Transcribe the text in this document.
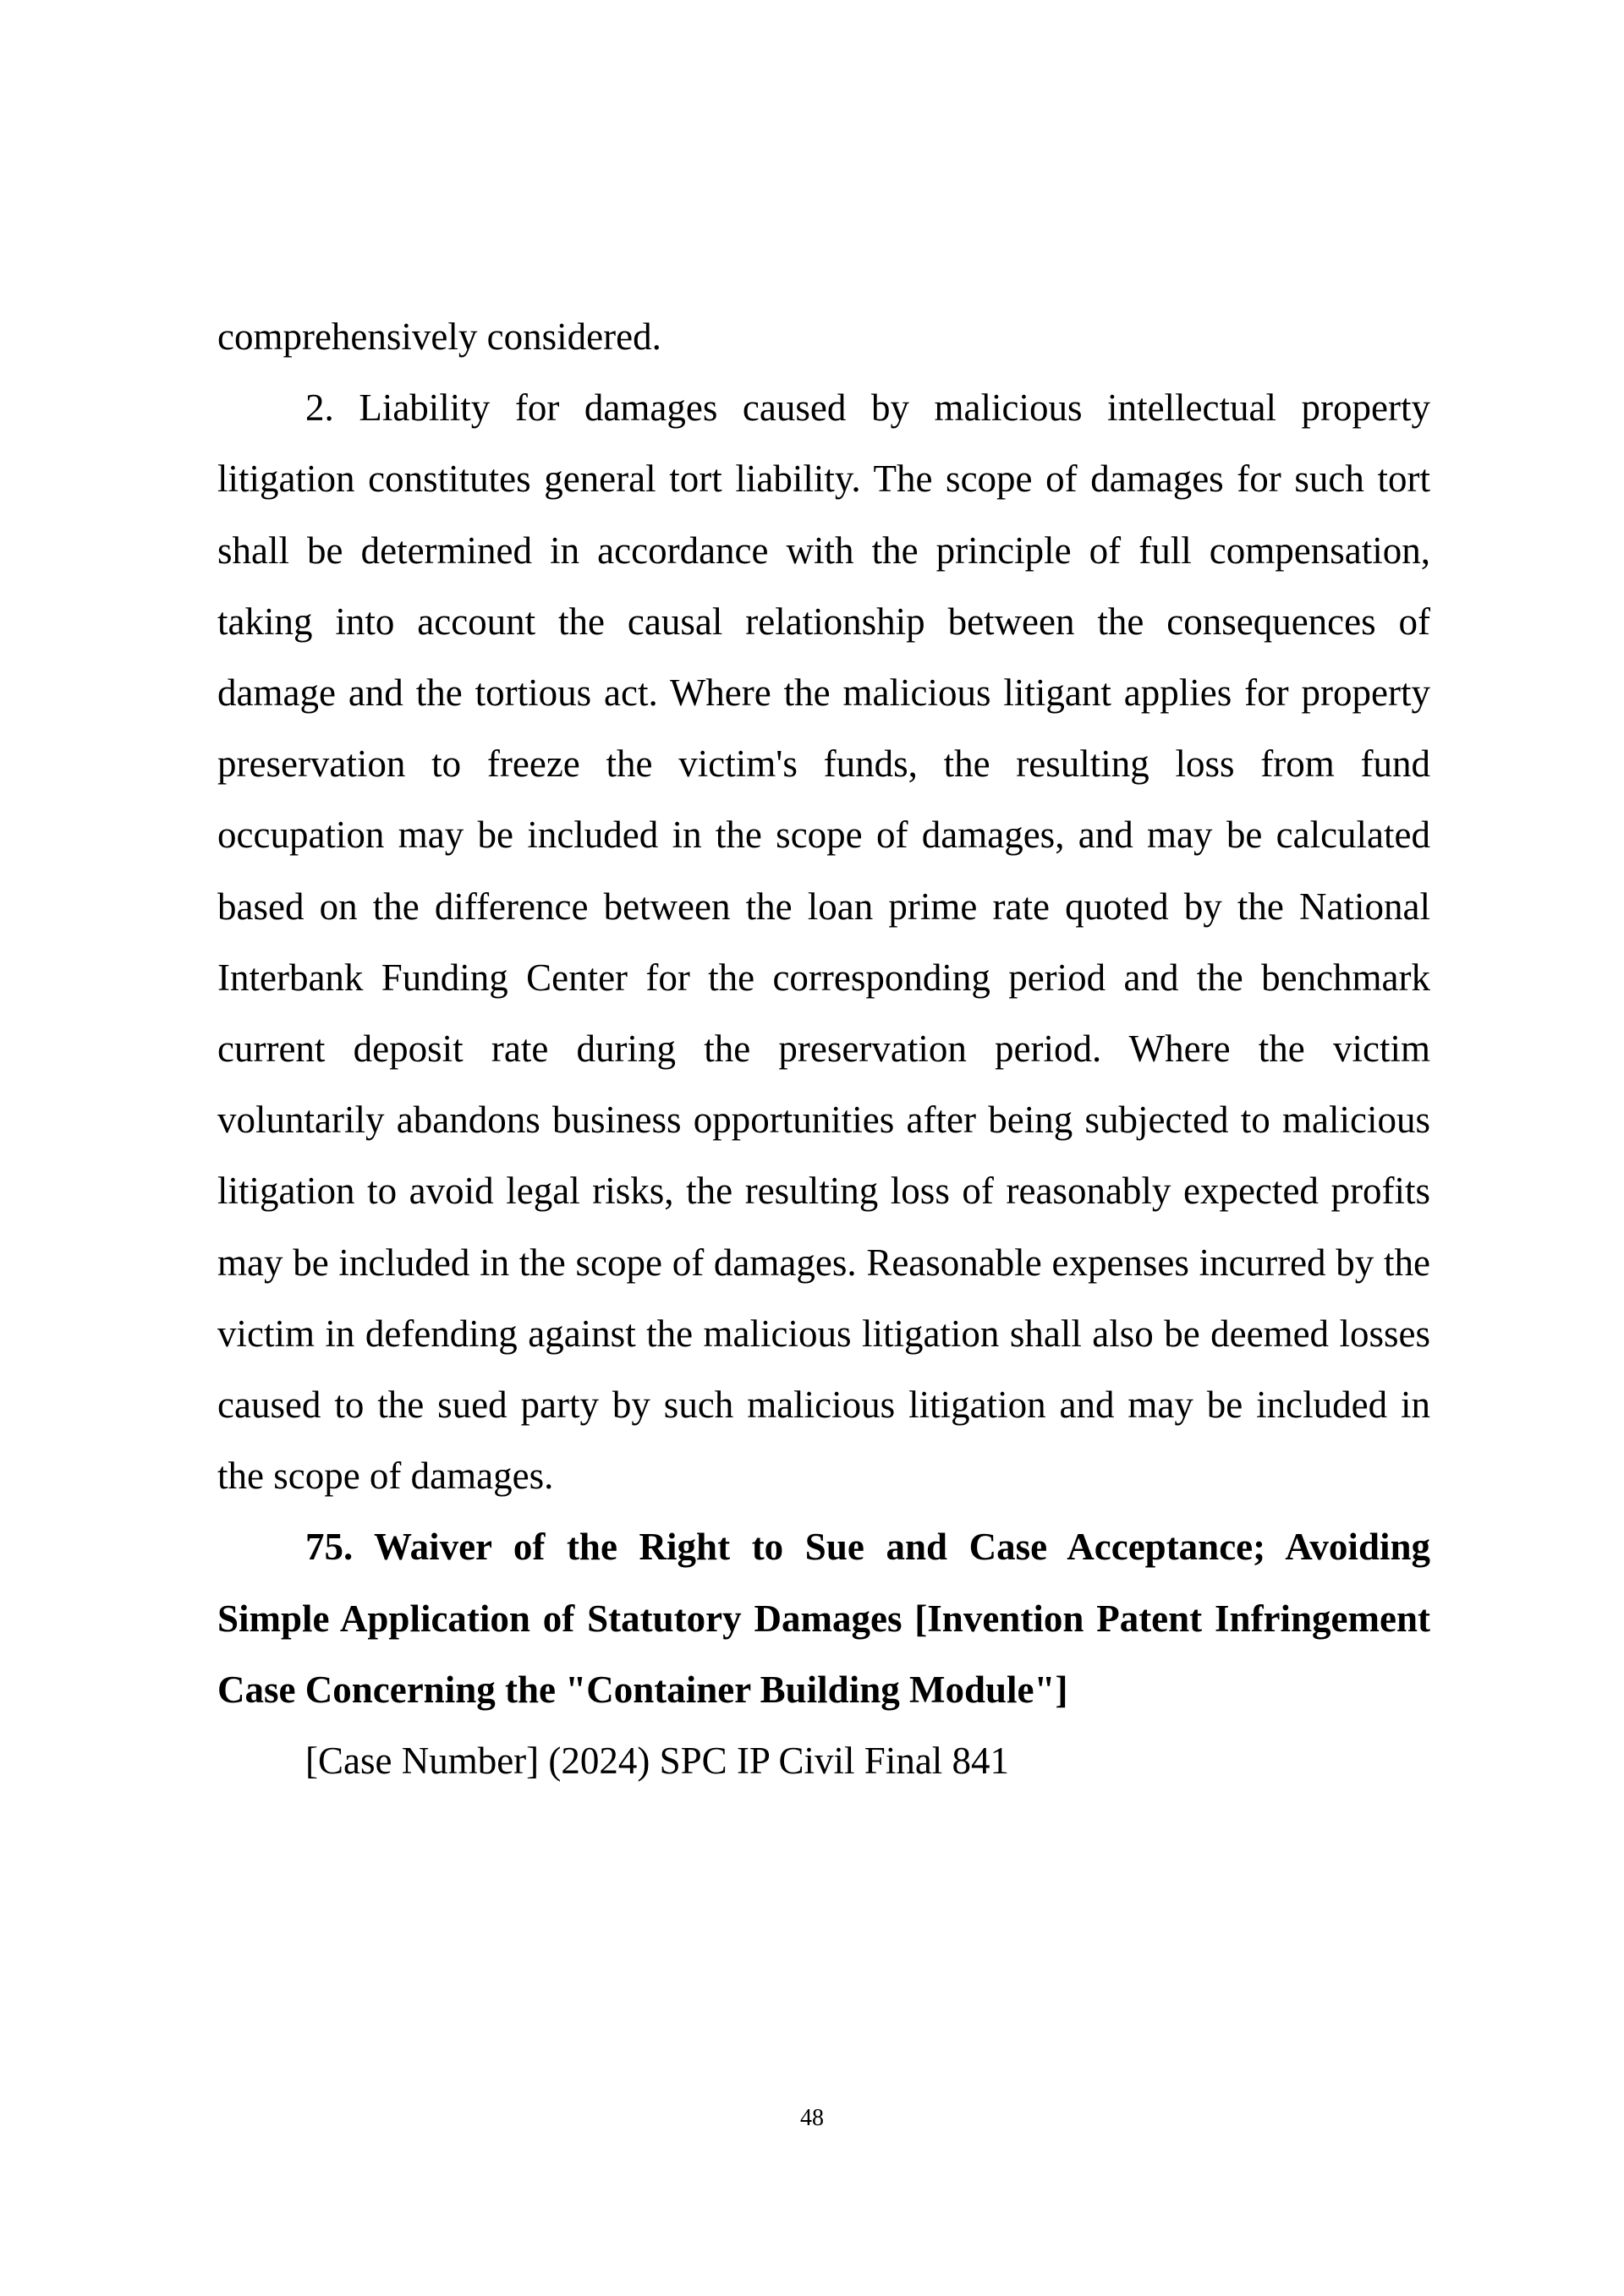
comprehensively considered.

2. Liability for damages caused by malicious intellectual property litigation constitutes general tort liability. The scope of damages for such tort shall be determined in accordance with the principle of full compensation, taking into account the causal relationship between the consequences of damage and the tortious act. Where the malicious litigant applies for property preservation to freeze the victim's funds, the resulting loss from fund occupation may be included in the scope of damages, and may be calculated based on the difference between the loan prime rate quoted by the National Interbank Funding Center for the corresponding period and the benchmark current deposit rate during the preservation period. Where the victim voluntarily abandons business opportunities after being subjected to malicious litigation to avoid legal risks, the resulting loss of reasonably expected profits may be included in the scope of damages. Reasonable expenses incurred by the victim in defending against the malicious litigation shall also be deemed losses caused to the sued party by such malicious litigation and may be included in the scope of damages.

75. Waiver of the Right to Sue and Case Acceptance; Avoiding Simple Application of Statutory Damages [Invention Patent Infringement Case Concerning the "Container Building Module"]

[Case Number] (2024) SPC IP Civil Final 841

48
